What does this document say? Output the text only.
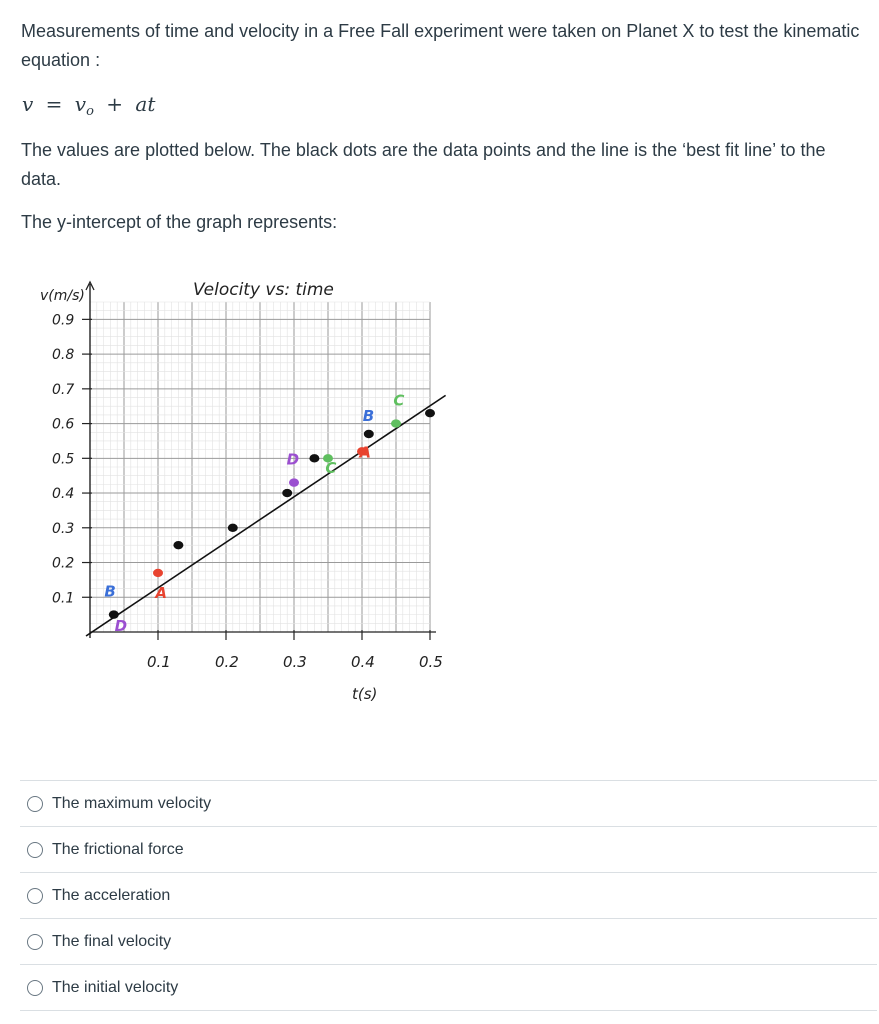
Measurements of time and velocity in a Free Fall experiment were taken on Planet X to test the kinematic equation :

$v = v_o$ + at

The values are plotted below. The black dots are the data points and the line is the ‘best fit line’ to the data.

The y-intercept of the graph represents:

Velocity vs: time
v(m/s)
t(s)
0.9
0.8
0.7
0.6
0.5
0.4
0.3
0.2
0.1
0.1	0.2	0.3	0.4	0.5
B
D
A
D C
B
A
C
The maximum velocity
The frictional force
The acceleration
The final velocity
The initial velocity
